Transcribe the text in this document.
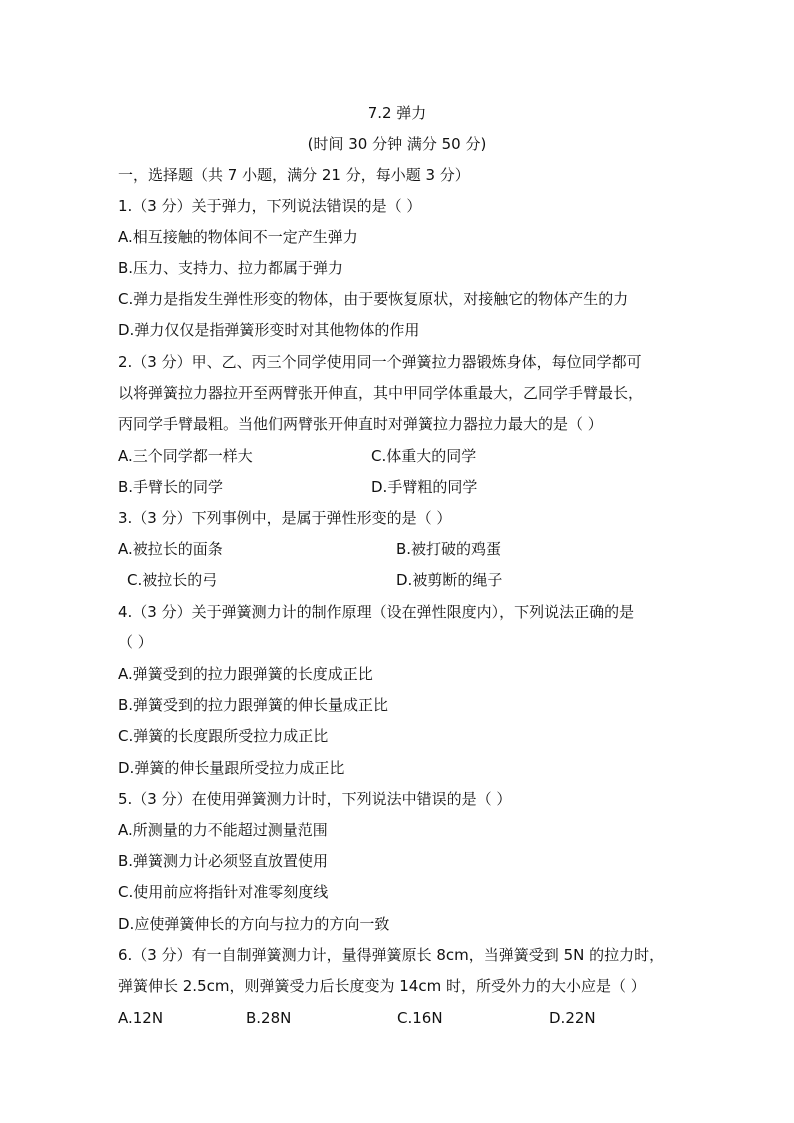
7.2 弹力
(时间 30 分钟 满分 50 分)
一，选择题（共 7 小题，满分 21 分，每小题 3 分）
1.（3 分）关于弹力，下列说法错误的是（ ）
A.相互接触的物体间不一定产生弹力
B.压力、支持力、拉力都属于弹力
C.弹力是指发生弹性形变的物体，由于要恢复原状，对接触它的物体产生的力
D.弹力仅仅是指弹簧形变时对其他物体的作用
2.（3 分）甲、乙、丙三个同学使用同一个弹簧拉力器锻炼身体，每位同学都可
以将弹簧拉力器拉开至两臂张开伸直，其中甲同学体重最大，乙同学手臂最长，
丙同学手臂最粗。当他们两臂张开伸直时对弹簧拉力器拉力最大的是（ ）
A.三个同学都一样大	C.体重大的同学
B.手臂长的同学	D.手臂粗的同学
3.（3 分）下列事例中，是属于弹性形变的是（ ）
A.被拉长的面条	B.被打破的鸡蛋
C.被拉长的弓	D.被剪断的绳子
4.（3 分）关于弹簧测力计的制作原理（设在弹性限度内），下列说法正确的是
（ ）
A.弹簧受到的拉力跟弹簧的长度成正比
B.弹簧受到的拉力跟弹簧的伸长量成正比
C.弹簧的长度跟所受拉力成正比
D.弹簧的伸长量跟所受拉力成正比
5.（3 分）在使用弹簧测力计时，下列说法中错误的是（ ）
A.所测量的力不能超过测量范围
B.弹簧测力计必须竖直放置使用
C.使用前应将指针对准零刻度线
D.应使弹簧伸长的方向与拉力的方向一致
6.（3 分）有一自制弹簧测力计，量得弹簧原长 8cm，当弹簧受到 5N 的拉力时，
弹簧伸长 2.5cm，则弹簧受力后长度变为 14cm 时，所受外力的大小应是（ ）
A.12N	B.28N	C.16N	D.22N
